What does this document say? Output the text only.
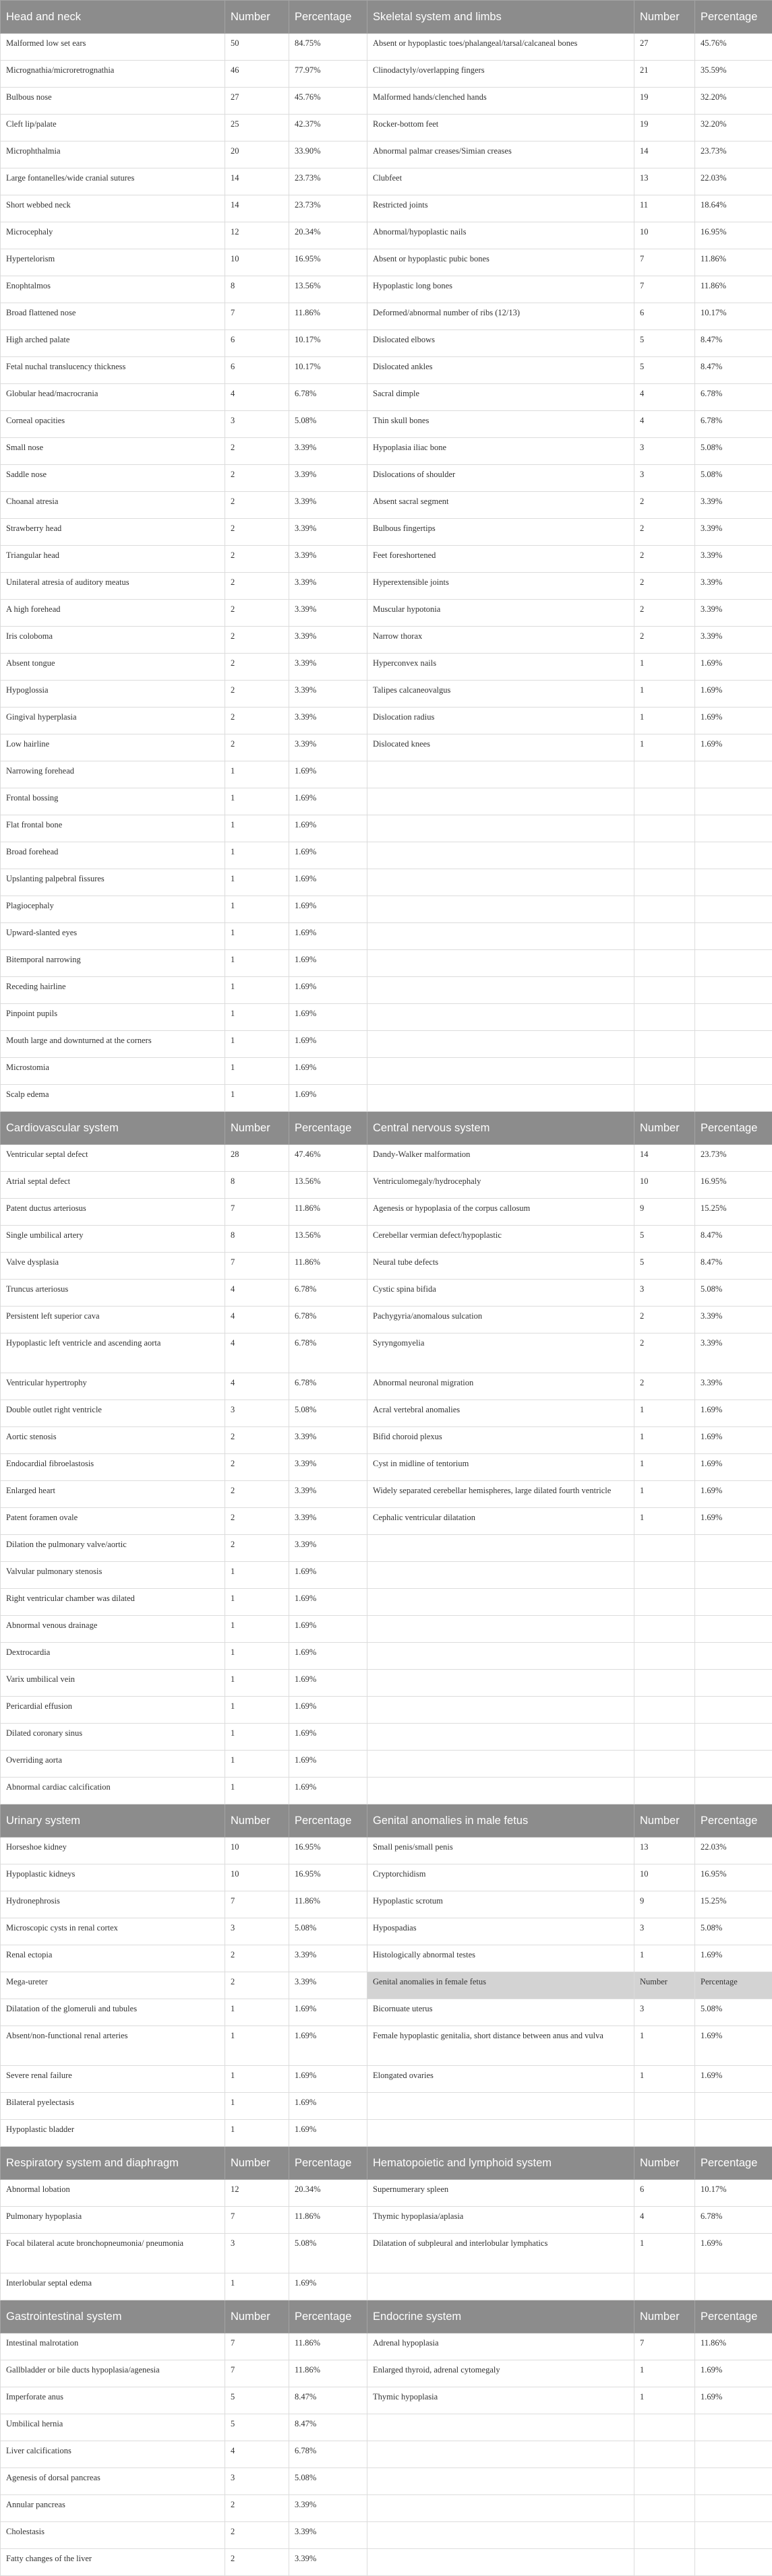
Head and neck	Number	Percentage	Skeletal system and limbs	Number	Percentage
Malformed low set ears	50	84.75%	Absent or hypoplastic toes/phalangeal/tarsal/calcaneal bones	27	45.76%
Micrognathia/microretrognathia	46	77.97%	Clinodactyly/overlapping fingers	21	35.59%
Bulbous nose	27	45.76%	Malformed hands/clenched hands	19	32.20%
Cleft lip/palate	25	42.37%	Rocker-bottom feet	19	32.20%
Microphthalmia	20	33.90%	Abnormal palmar creases/Simian creases	14	23.73%
Large fontanelles/wide cranial sutures	14	23.73%	Clubfeet	13	22.03%
Short webbed neck	14	23.73%	Restricted joints	11	18.64%
Microcephaly	12	20.34%	Abnormal/hypoplastic nails	10	16.95%
Hypertelorism	10	16.95%	Absent or hypoplastic pubic bones	7	11.86%
Enophtalmos	8	13.56%	Hypoplastic long bones	7	11.86%
Broad flattened nose	7	11.86%	Deformed/abnormal number of ribs (12/13)	6	10.17%
High arched palate	6	10.17%	Dislocated elbows	5	8.47%
Fetal nuchal translucency thickness	6	10.17%	Dislocated ankles	5	8.47%
Globular head/macrocrania	4	6.78%	Sacral dimple	4	6.78%
Corneal opacities	3	5.08%	Thin skull bones	4	6.78%
Small nose	2	3.39%	Hypoplasia iliac bone	3	5.08%
Saddle nose	2	3.39%	Dislocations of shoulder	3	5.08%
Choanal atresia	2	3.39%	Absent sacral segment	2	3.39%
Strawberry head	2	3.39%	Bulbous fingertips	2	3.39%
Triangular head	2	3.39%	Feet foreshortened	2	3.39%
Unilateral atresia of auditory meatus	2	3.39%	Hyperextensible joints	2	3.39%
A high forehead	2	3.39%	Muscular hypotonia	2	3.39%
Iris coloboma	2	3.39%	Narrow thorax	2	3.39%
Absent tongue	2	3.39%	Hyperconvex nails	1	1.69%
Hypoglossia	2	3.39%	Talipes calcaneovalgus	1	1.69%
Gingival hyperplasia	2	3.39%	Dislocation radius	1	1.69%
Low hairline	2	3.39%	Dislocated knees	1	1.69%
Narrowing forehead	1	1.69%			
Frontal bossing	1	1.69%			
Flat frontal bone	1	1.69%			
Broad forehead	1	1.69%			
Upslanting palpebral fissures	1	1.69%			
Plagiocephaly	1	1.69%			
Upward-slanted eyes	1	1.69%			
Bitemporal narrowing	1	1.69%			
Receding hairline	1	1.69%			
Pinpoint pupils	1	1.69%			
Mouth large and downturned at the corners	1	1.69%			
Microstomia	1	1.69%			
Scalp edema	1	1.69%			
Cardiovascular system	Number	Percentage	Central nervous system	Number	Percentage
Ventricular septal defect	28	47.46%	Dandy-Walker malformation	14	23.73%
Atrial septal defect	8	13.56%	Ventriculomegaly/hydrocephaly	10	16.95%
Patent ductus arteriosus	7	11.86%	Agenesis or hypoplasia of the corpus callosum	9	15.25%
Single umbilical artery	8	13.56%	Cerebellar vermian defect/hypoplastic	5	8.47%
Valve dysplasia	7	11.86%	Neural tube defects	5	8.47%
Truncus arteriosus	4	6.78%	Cystic spina bifida	3	5.08%
Persistent left superior cava	4	6.78%	Pachygyria/anomalous sulcation	2	3.39%
Hypoplastic left ventricle and ascending aorta	4	6.78%	Syryngomyelia	2	3.39%
Ventricular hypertrophy	4	6.78%	Abnormal neuronal migration	2	3.39%
Double outlet right ventricle	3	5.08%	Acral vertebral anomalies	1	1.69%
Aortic stenosis	2	3.39%	Bifid choroid plexus	1	1.69%
Endocardial fibroelastosis	2	3.39%	Cyst in midline of tentorium	1	1.69%
Enlarged heart	2	3.39%	Widely separated cerebellar hemispheres, large dilated fourth ventricle	1	1.69%
Patent foramen ovale	2	3.39%	Cephalic ventricular dilatation	1	1.69%
Dilation the pulmonary valve/aortic	2	3.39%			
Valvular pulmonary stenosis	1	1.69%			
Right ventricular chamber was dilated	1	1.69%			
Abnormal venous drainage	1	1.69%			
Dextrocardia	1	1.69%			
Varix umbilical vein	1	1.69%			
Pericardial effusion	1	1.69%			
Dilated coronary sinus	1	1.69%			
Overriding aorta	1	1.69%			
Abnormal cardiac calcification	1	1.69%			
Urinary system	Number	Percentage	Genital anomalies in male fetus	Number	Percentage
Horseshoe kidney	10	16.95%	Small penis/small penis	13	22.03%
Hypoplastic kidneys	10	16.95%	Cryptorchidism	10	16.95%
Hydronephrosis	7	11.86%	Hypoplastic scrotum	9	15.25%
Microscopic cysts in renal cortex	3	5.08%	Hypospadias	3	5.08%
Renal ectopia	2	3.39%	Histologically abnormal testes	1	1.69%
Mega-ureter	2	3.39%	Genital anomalies in female fetus	Number	Percentage
Dilatation of the glomeruli and tubules	1	1.69%	Bicornuate uterus	3	5.08%
Absent/non-functional renal arteries	1	1.69%	Female hypoplastic genitalia, short distance between anus and vulva	1	1.69%
Severe renal failure	1	1.69%	Elongated ovaries	1	1.69%
Bilateral pyelectasis	1	1.69%			
Hypoplastic bladder	1	1.69%			
Respiratory system and diaphragm	Number	Percentage	Hematopoietic and lymphoid system	Number	Percentage
Abnormal lobation	12	20.34%	Supernumerary spleen	6	10.17%
Pulmonary hypoplasia	7	11.86%	Thymic hypoplasia/aplasia	4	6.78%
Focal bilateral acute bronchopneumonia/ pneumonia	3	5.08%	Dilatation of subpleural and interlobular lymphatics	1	1.69%
Interlobular septal edema	1	1.69%			
Gastrointestinal system	Number	Percentage	Endocrine system	Number	Percentage
Intestinal malrotation	7	11.86%	Adrenal hypoplasia	7	11.86%
Gallbladder or bile ducts hypoplasia/agenesia	7	11.86%	Enlarged thyroid, adrenal cytomegaly	1	1.69%
Imperforate anus	5	8.47%	Thymic hypoplasia	1	1.69%
Umbilical hernia	5	8.47%			
Liver calcifications	4	6.78%			
Agenesis of dorsal pancreas	3	5.08%			
Annular pancreas	2	3.39%			
Cholestasis	2	3.39%			
Fatty changes of the liver	2	3.39%			
